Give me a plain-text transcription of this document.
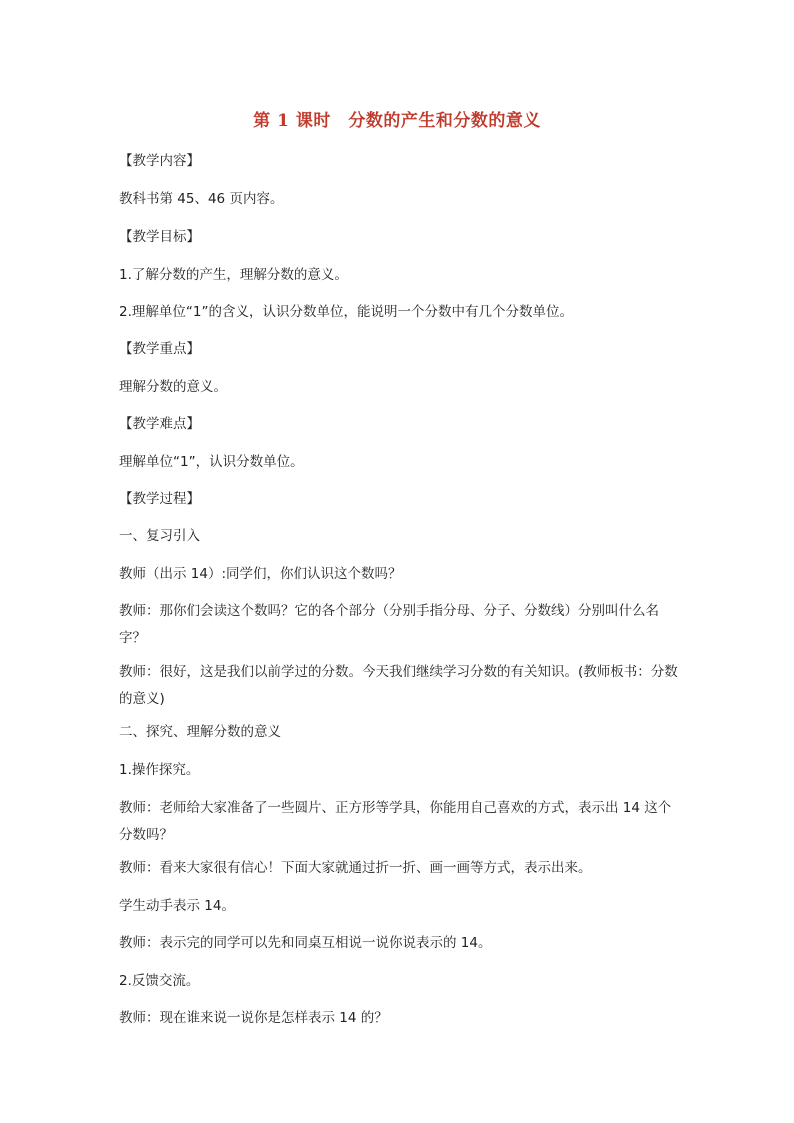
第 1 课时　分数的产生和分数的意义
【教学内容】
教科书第 45、46 页内容。
【教学目标】
1.了解分数的产生，理解分数的意义。
2.理解单位“1”的含义，认识分数单位，能说明一个分数中有几个分数单位。
【教学重点】
理解分数的意义。
【教学难点】
理解单位“1”，认识分数单位。
【教学过程】
一、复习引入
教师（出示 14）:同学们，你们认识这个数吗？
教师：那你们会读这个数吗？它的各个部分（分别手指分母、分子、分数线）分别叫什么名字？
教师：很好，这是我们以前学过的分数。今天我们继续学习分数的有关知识。(教师板书：分数的意义)
二、探究、理解分数的意义
1.操作探究。
教师：老师给大家准备了一些圆片、正方形等学具，你能用自己喜欢的方式，表示出 14 这个分数吗？
教师：看来大家很有信心！下面大家就通过折一折、画一画等方式，表示出来。
学生动手表示 14。
教师：表示完的同学可以先和同桌互相说一说你说表示的 14。
2.反馈交流。
教师：现在谁来说一说你是怎样表示 14 的？
